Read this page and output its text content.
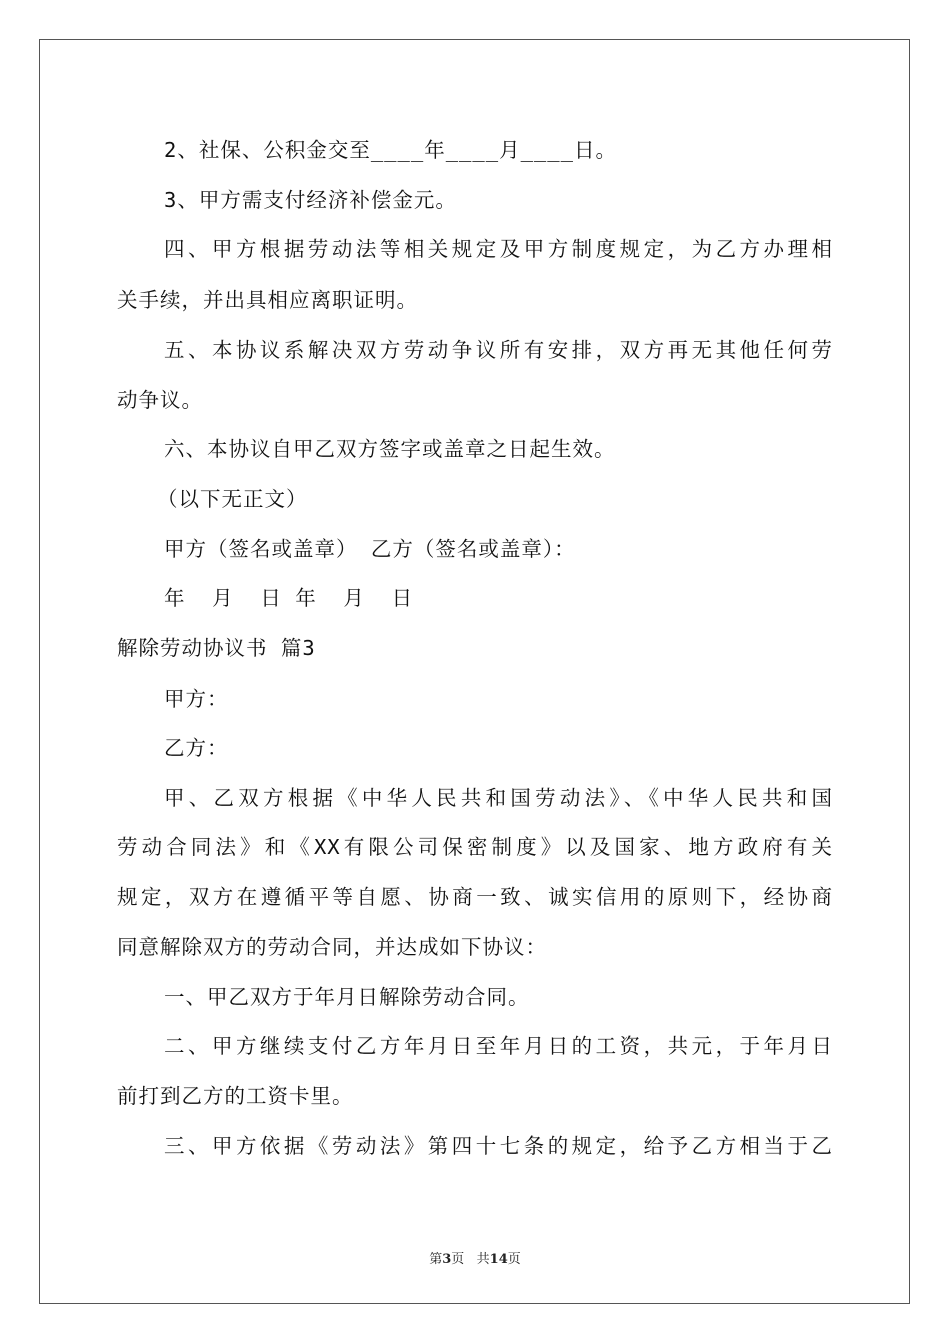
2、社保、公积金交至____年____月____日。
3、甲方需支付经济补偿金元。
四、甲方根据劳动法等相关规定及甲方制度规定，为乙方办理相
关手续，并出具相应离职证明。
五、本协议系解决双方劳动争议所有安排，双方再无其他任何劳
动争议。
六、本协议自甲乙双方签字或盖章之日起生效。
（以下无正文）
甲方（签名或盖章） 乙方（签名或盖章）：
年  月  日 年  月  日
解除劳动协议书 篇3
甲方：
乙方：
甲、乙双方根据《中华人民共和国劳动法》、《中华人民共和国
劳动合同法》和《XX有限公司保密制度》以及国家、地方政府有关
规定，双方在遵循平等自愿、协商一致、诚实信用的原则下，经协商
同意解除双方的劳动合同，并达成如下协议：
一、甲乙双方于年月日解除劳动合同。
二、甲方继续支付乙方年月日至年月日的工资，共元，于年月日
前打到乙方的工资卡里。
三、甲方依据《劳动法》第四十七条的规定，给予乙方相当于乙
第3页   共14页
